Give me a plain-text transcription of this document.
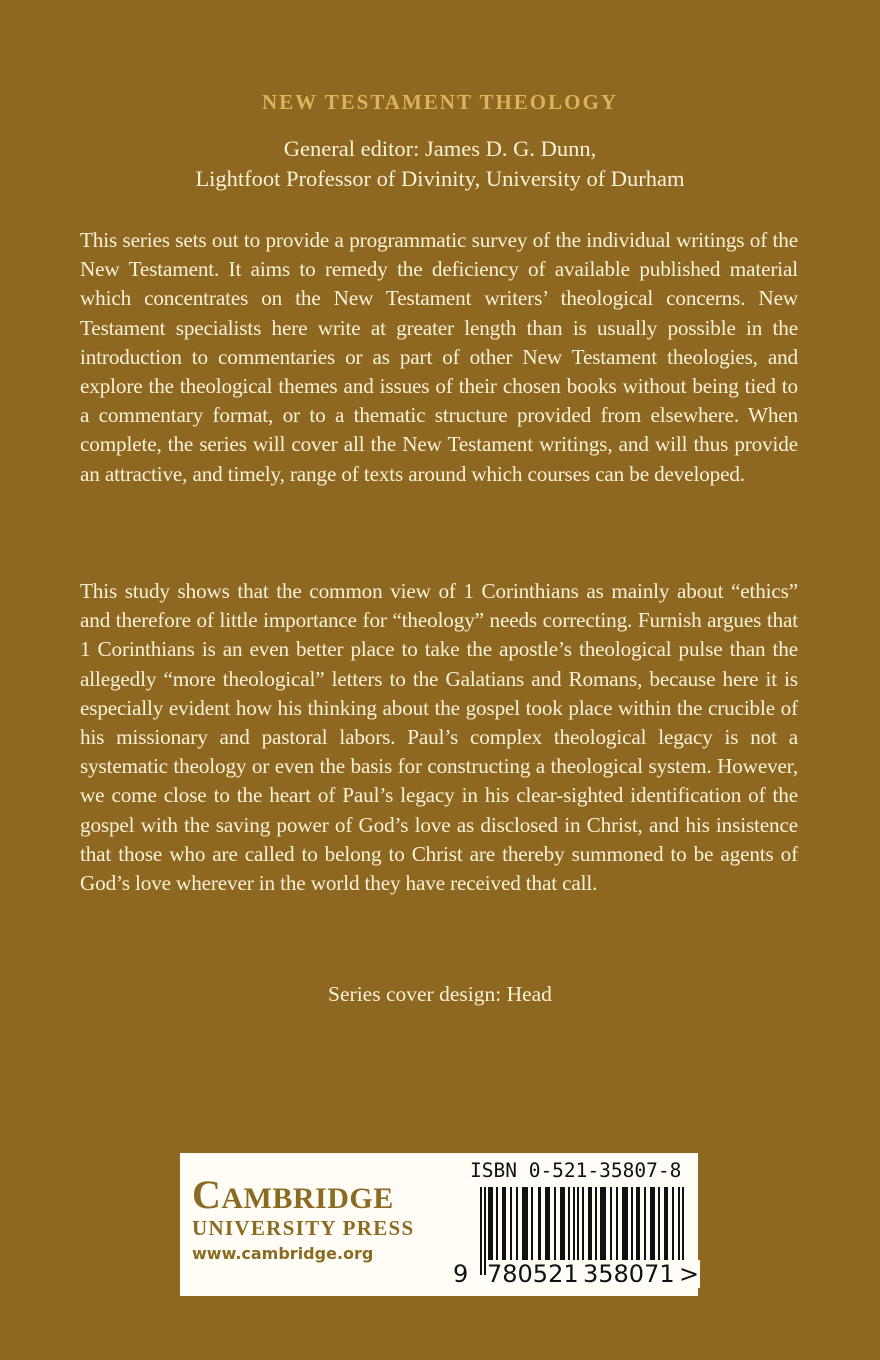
NEW TESTAMENT THEOLOGY
General editor: James D. G. Dunn,
Lightfoot Professor of Divinity, University of Durham

This series sets out to provide a programmatic survey of the individual writings of the New Testament. It aims to remedy the deficiency of available published material which concentrates on the New Testament writers’ theological concerns. New Testament specialists here write at greater length than is usually possible in the introduction to commentaries or as part of other New Testament theologies, and explore the theological themes and issues of their chosen books without being tied to a commentary format, or to a thematic structure provided from elsewhere. When complete, the series will cover all the New Testament writings, and will thus provide an attractive, and timely, range of texts around which courses can be developed.

This study shows that the common view of 1 Corinthians as mainly about “ethics” and therefore of little importance for “theology” needs correcting. Furnish argues that 1 Corinthians is an even better place to take the apostle’s theological pulse than the allegedly “more theological” letters to the Galatians and Romans, because here it is especially evident how his thinking about the gospel took place within the crucible of his missionary and pastoral labors. Paul’s complex theological legacy is not a systematic theology or even the basis for constructing a theological system. However, we come close to the heart of Paul’s legacy in his clear-sighted identification of the gospel with the saving power of God’s love as disclosed in Christ, and his insistence that those who are called to belong to Christ are thereby summoned to be agents of God’s love wherever in the world they have received that call.

Series cover design: Head
CAMBRIDGE
UNIVERSITY PRESS
www.cambridge.org
ISBN 0-521-35807-8
9 780521 358071 >
